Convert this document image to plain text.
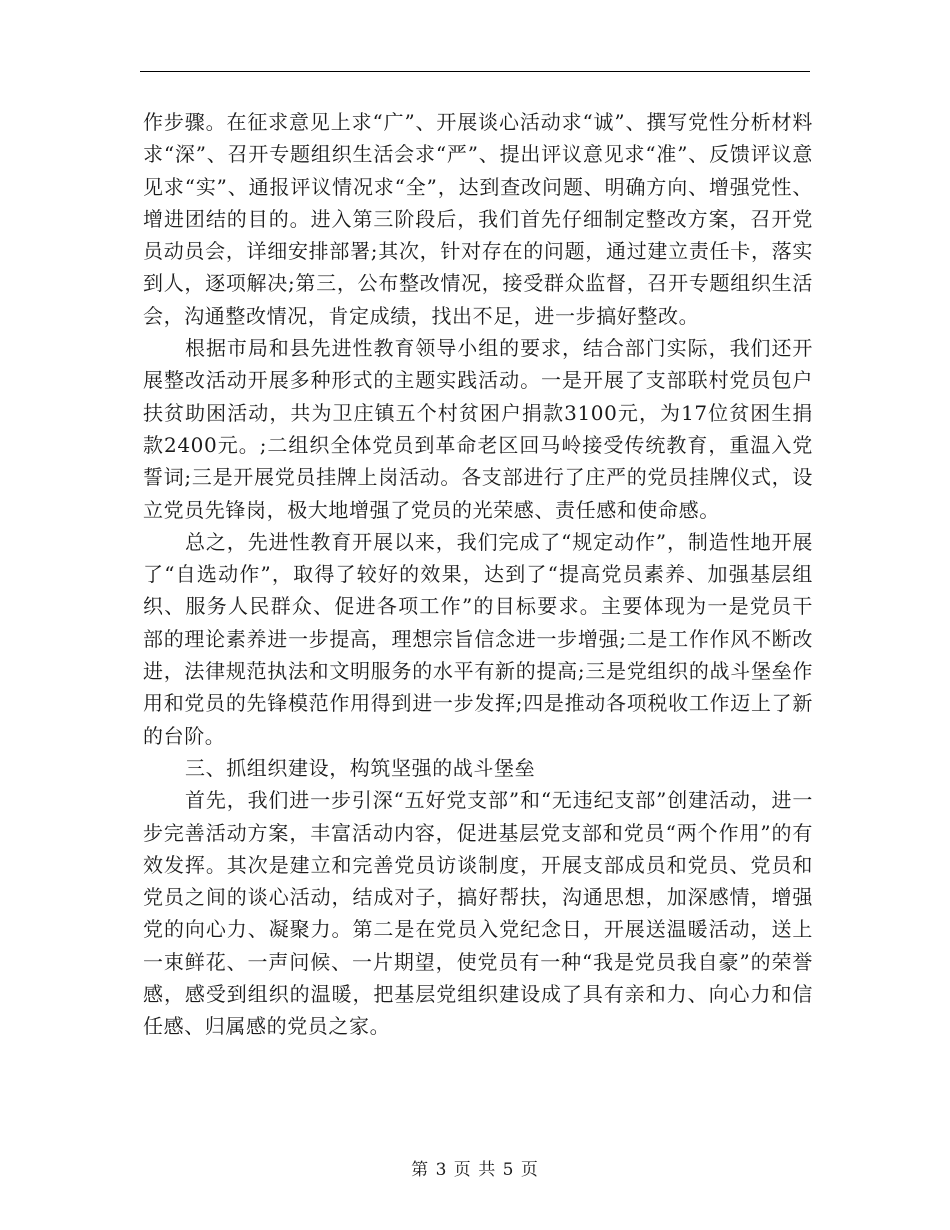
作步骤。在征求意见上求“广”、开展谈心活动求“诚”、撰写党性分析材料求“深”、召开专题组织生活会求“严”、提出评议意见求“准”、反馈评议意见求“实”、通报评议情况求“全”，达到查改问题、明确方向、增强党性、增进团结的目的。进入第三阶段后，我们首先仔细制定整改方案，召开党员动员会，详细安排部署;其次，针对存在的问题，通过建立责任卡，落实到人，逐项解决;第三，公布整改情况，接受群众监督，召开专题组织生活会，沟通整改情况，肯定成绩，找出不足，进一步搞好整改。

根据市局和县先进性教育领导小组的要求，结合部门实际，我们还开展整改活动开展多种形式的主题实践活动。一是开展了支部联村党员包户扶贫助困活动，共为卫庄镇五个村贫困户捐款3100元，为17位贫困生捐款2400元。;二组织全体党员到革命老区回马岭接受传统教育，重温入党誓词;三是开展党员挂牌上岗活动。各支部进行了庄严的党员挂牌仪式，设立党员先锋岗，极大地增强了党员的光荣感、责任感和使命感。

总之，先进性教育开展以来，我们完成了“规定动作”，制造性地开展了“自选动作”，取得了较好的效果，达到了“提高党员素养、加强基层组织、服务人民群众、促进各项工作”的目标要求。主要体现为一是党员干部的理论素养进一步提高，理想宗旨信念进一步增强;二是工作作风不断改进，法律规范执法和文明服务的水平有新的提高;三是党组织的战斗堡垒作用和党员的先锋模范作用得到进一步发挥;四是推动各项税收工作迈上了新的台阶。

三、抓组织建设，构筑坚强的战斗堡垒

首先，我们进一步引深“五好党支部”和“无违纪支部”创建活动，进一步完善活动方案，丰富活动内容，促进基层党支部和党员“两个作用”的有效发挥。其次是建立和完善党员访谈制度，开展支部成员和党员、党员和党员之间的谈心活动，结成对子，搞好帮扶，沟通思想，加深感情，增强党的向心力、凝聚力。第二是在党员入党纪念日，开展送温暖活动，送上一束鲜花、一声问候、一片期望，使党员有一种“我是党员我自豪”的荣誉感，感受到组织的温暖，把基层党组织建设成了具有亲和力、向心力和信任感、归属感的党员之家。

第 3 页 共 5 页
